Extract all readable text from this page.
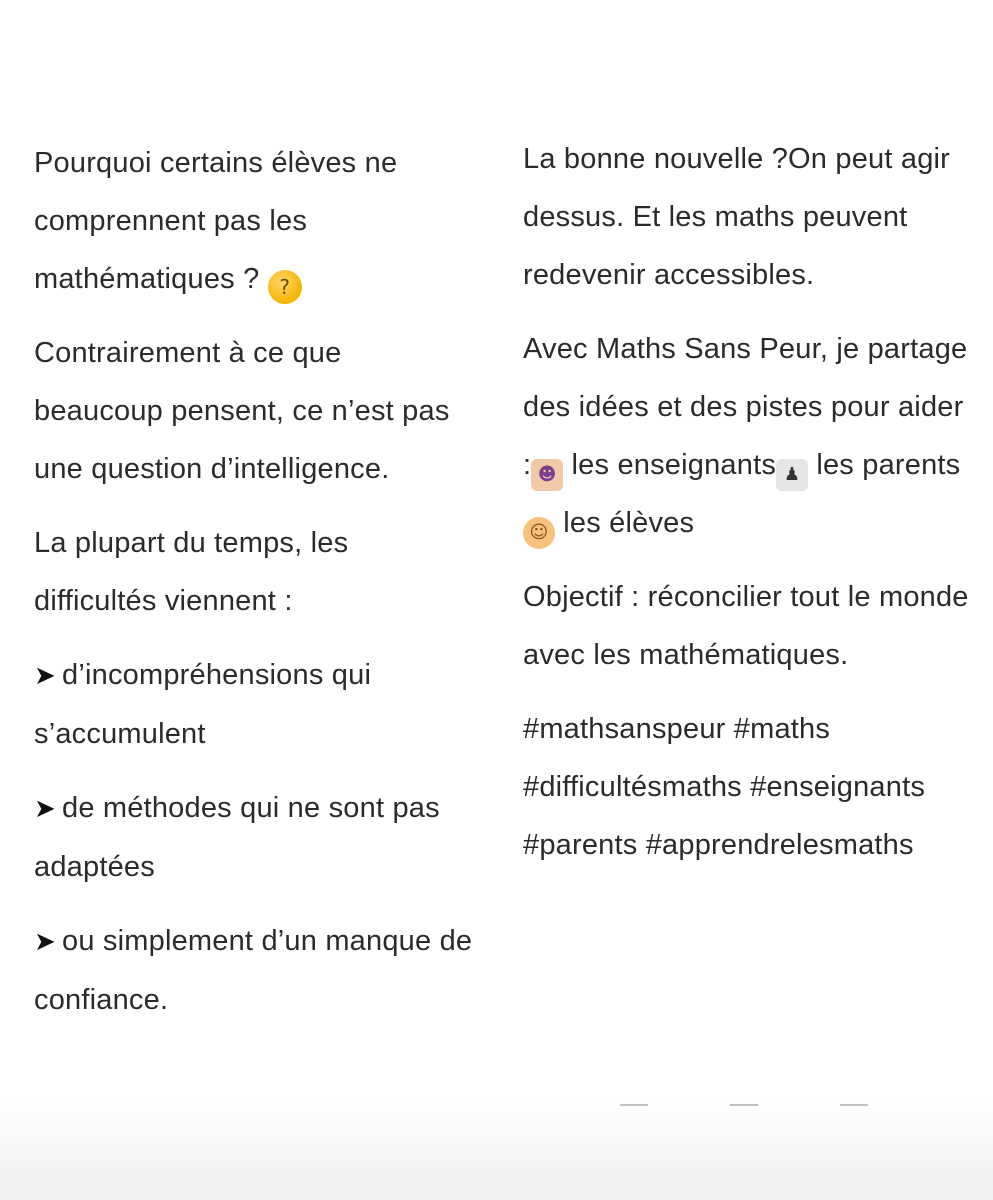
Pourquoi certains élèves ne comprennent pas les mathématiques ? ?

Contrairement à ce que beaucoup pensent, ce n’est pas une question d’intelligence.

La plupart du temps, les difficultés viennent :

➤ d’incompréhensions qui s’accumulent

➤ de méthodes qui ne sont pas adaptées

➤ ou simplement d’un manque de confiance.

La bonne nouvelle ?On peut agir dessus. Et les maths peuvent redevenir accessibles.

Avec Maths Sans Peur, je partage des idées et des pistes pour aider : ☻ les enseignants ♟ les parents☺ les élèves

Objectif : réconcilier tout le monde avec les mathématiques.

#mathsanspeur #maths #difficultésmaths #enseignants #parents #apprendrelesmaths
